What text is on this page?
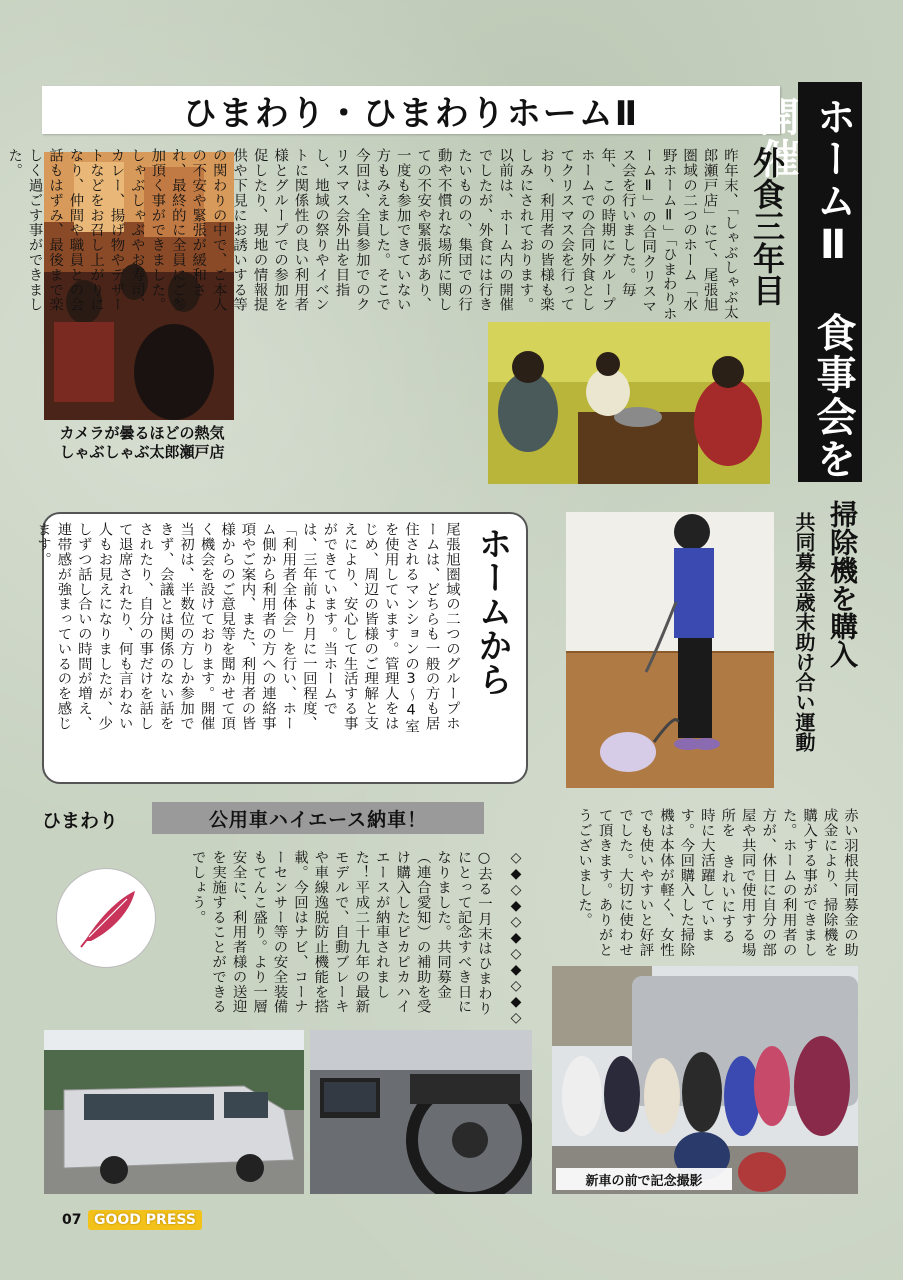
ひまわり・ひまわりホームⅡ	ホームⅡ　食事会を開催
カメラが曇るほどの熱気
しゃぶしゃぶ太郎瀬戸店
外食三年目
昨年末、「しゃぶしゃぶ太郎瀬戸店」にて、尾張旭圏域の二つのホーム「水野ホームⅡ」「ひまわりホームⅡ」の合同クリスマス会を行いました。毎年、この時期にグループホームでの合同外食としてクリスマス会を行っており、利用者の皆様も楽しみにされております。以前は、ホーム内の開催でしたが、外食には行きたいものの、集団での行動や不慣れな場所に関しての不安や緊張があり、一度も参加できていない方もみえました。そこで今回は、全員参加でのクリスマス会外出を目指し、地域の祭りやイベントに関係性の良い利用者様とグループでの参加を促したり、現地の情報提供や下見にお誘いする等の関わりの中で、ご本人の不安や緊張が緩和され、最終的に全員にご参加頂く事ができました。しゃぶしゃぶやお寿司、カレー、揚げ物やデザートなどをお召し上がりになり、仲間や職員との会話もはずみ、最後まで楽しく過ごす事ができました。
ホームから
尾張旭圏域の二つのグループホームは、どちらも一般の方も居住されるマンションの3～4室を使用しています。管理人をはじめ、周辺の皆様のご理解と支えにより、安心して生活する事ができています。当ホームでは、三年前より月に一回程度、「利用者全体会」を行い、ホーム側から利用者の方への連絡事項やご案内、また、利用者の皆様からのご意見等を聞かせて頂く機会を設けております。開催当初は、半数位の方しか参加できず、会議とは関係のない話をされたり、自分の事だけを話して退席されたり、何も言わない人もお見えになりましたが、少しずつ話し合いの時間が増え、連帯感が強まっているのを感じます。	掃除機を購入
共同募金歳末助け合い運動
赤い羽根共同募金の助成金により、掃除機を購入する事ができました。ホームの利用者の方が、休日に自分の部屋や共同で使用する場所を きれいにする時に大活躍しています。今回購入した掃除機は本体が軽く、女性でも使いやすいと好評でした。大切に使わせて頂きます。ありがとうございました。
◇◆◇◆◇◆◇◆◇◆◇
ひまわり	公用車ハイエース納車！
○去る一月末はひまわりにとって記念すべき日になりました。共同募金（連合愛知）の補助を受け購入したピカピカハイエースが納車されました！平成二十九年の最新モデルで、自動ブレーキや車線逸脱防止機能を搭載。今回はナビ、コーナーセンサー等の安全装備もてんこ盛り。より一層安全に、利用者様の送迎を実施することができるでしょう。
新車の前で記念撮影
07 GOOD PRESS
